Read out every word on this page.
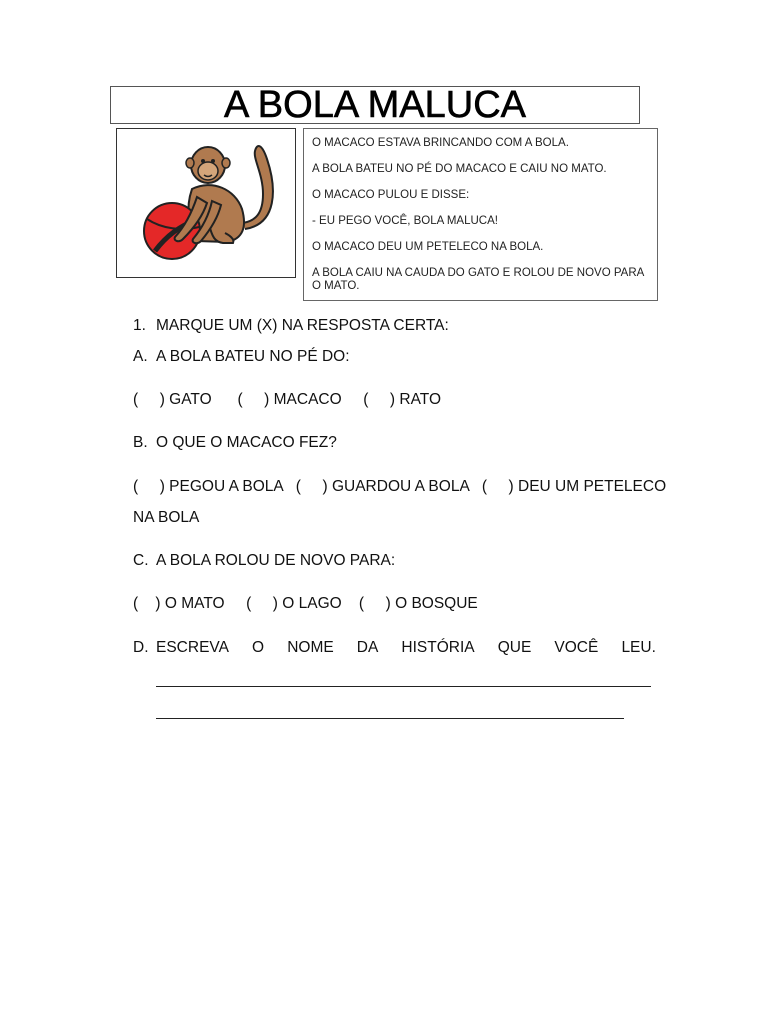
A BOLA MALUCA
O MACACO ESTAVA BRINCANDO COM A BOLA.
A BOLA BATEU NO PÉ DO MACACO E CAIU NO MATO.
O MACACO PULOU E DISSE:
- EU PEGO VOCÊ, BOLA MALUCA!
O MACACO DEU UM PETELECO NA BOLA.
A BOLA CAIU NA CAUDA DO GATO E ROLOU DE NOVO PARA O MATO.
1. MARQUE UM (X) NA RESPOSTA CERTA:
A. A BOLA BATEU NO PÉ DO:
(     ) GATO      (     ) MACACO     (     ) RATO
B. O QUE O MACACO FEZ?
(     ) PEGOU A BOLA   (     ) GUARDOU A BOLA   (     ) DEU UM PETELECO
NA BOLA
C. A BOLA ROLOU DE NOVO PARA:
(    ) O MATO     (     ) O LAGO    (     ) O BOSQUE
D. ESCREVA O NOME DA HISTÓRIA QUE VOCÊ LEU.
